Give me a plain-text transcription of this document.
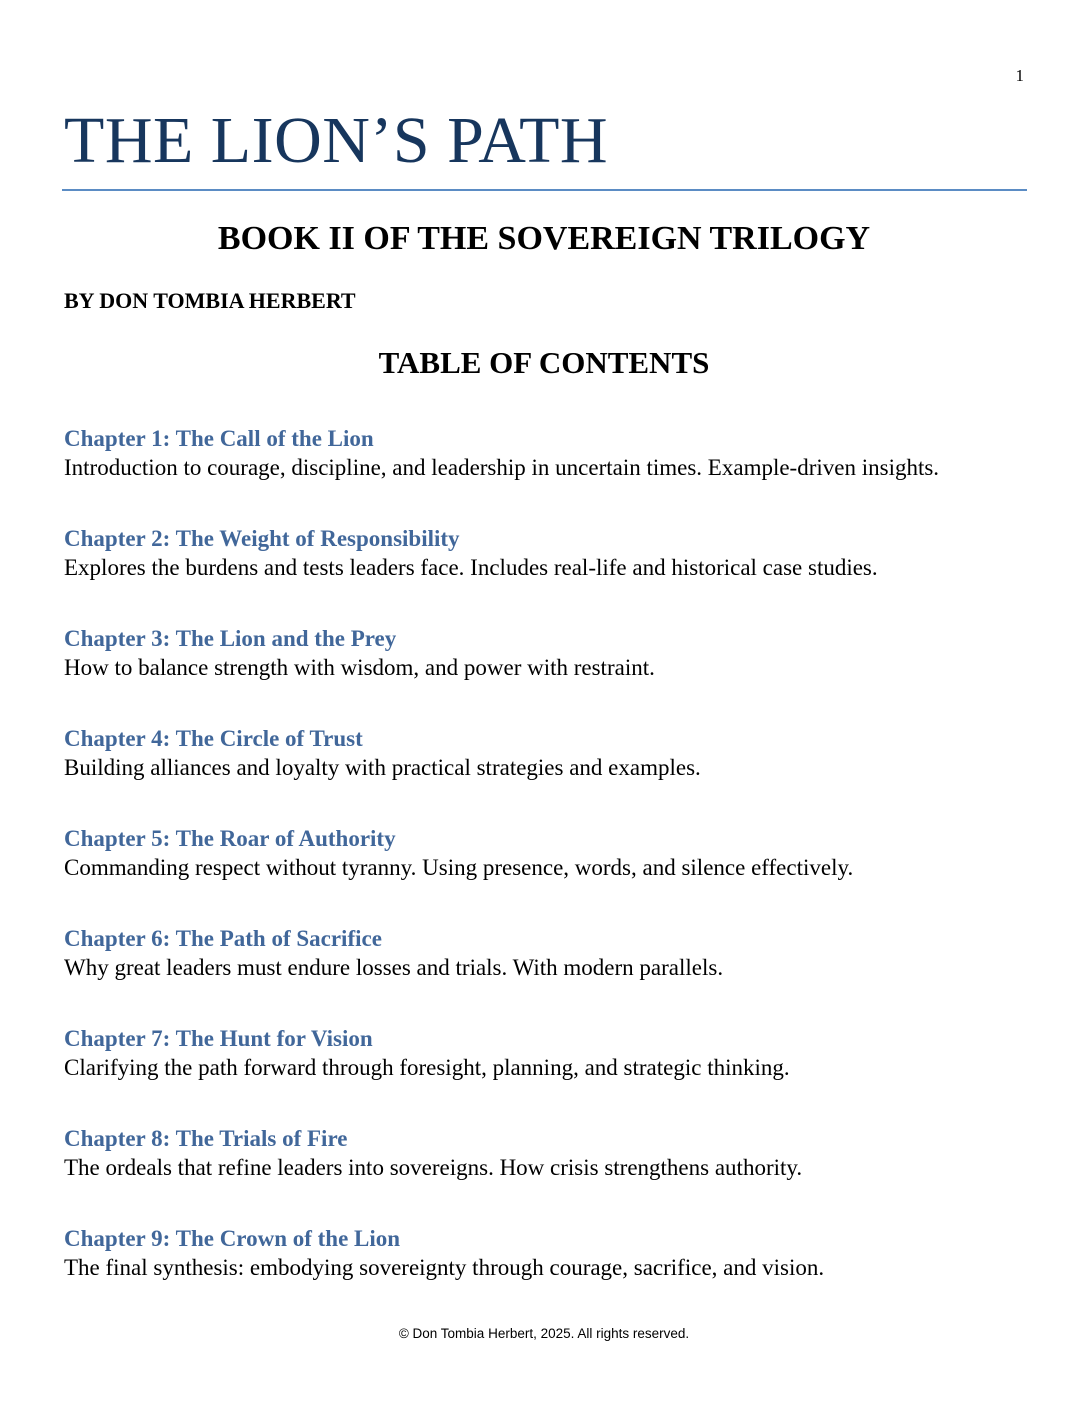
1
THE LION’S PATH
BOOK II OF THE SOVEREIGN TRILOGY
BY DON TOMBIA HERBERT
TABLE OF CONTENTS
Chapter 1: The Call of the Lion
Introduction to courage, discipline, and leadership in uncertain times. Example-driven insights.
Chapter 2: The Weight of Responsibility
Explores the burdens and tests leaders face. Includes real-life and historical case studies.
Chapter 3: The Lion and the Prey
How to balance strength with wisdom, and power with restraint.
Chapter 4: The Circle of Trust
Building alliances and loyalty with practical strategies and examples.
Chapter 5: The Roar of Authority
Commanding respect without tyranny. Using presence, words, and silence effectively.
Chapter 6: The Path of Sacrifice
Why great leaders must endure losses and trials. With modern parallels.
Chapter 7: The Hunt for Vision
Clarifying the path forward through foresight, planning, and strategic thinking.
Chapter 8: The Trials of Fire
The ordeals that refine leaders into sovereigns. How crisis strengthens authority.
Chapter 9: The Crown of the Lion
The final synthesis: embodying sovereignty through courage, sacrifice, and vision.
© Don Tombia Herbert, 2025. All rights reserved.
